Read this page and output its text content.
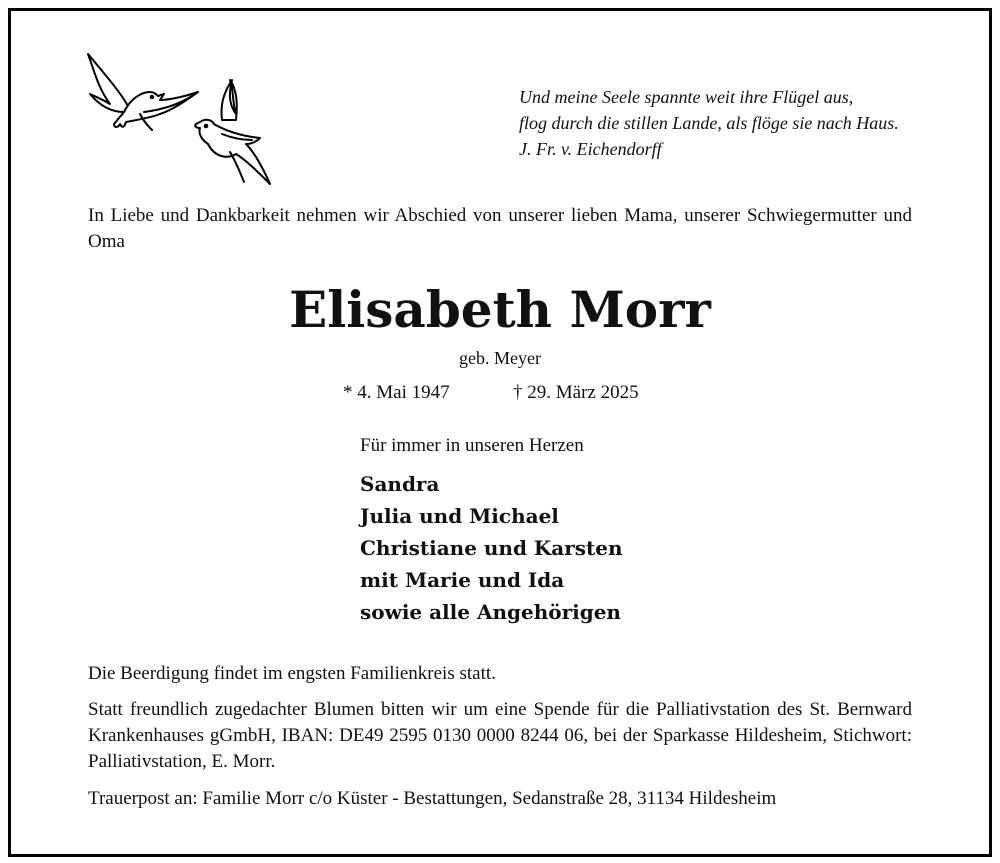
Und meine Seele spannte weit ihre Flügel aus,
flog durch die stillen Lande, als flöge sie nach Haus.
J. Fr. v. Eichendorff
In Liebe und Dankbarkeit nehmen wir Abschied von unserer lieben Mama, unserer Schwiegermutter und Oma
Elisabeth Morr
geb. Meyer
* 4. Mai 1947	† 29. März 2025
Für immer in unseren Herzen
Sandra
Julia und Michael
Christiane und Karsten
mit Marie und Ida
sowie alle Angehörigen
Die Beerdigung findet im engsten Familienkreis statt.
Statt freundlich zugedachter Blumen bitten wir um eine Spende für die Palliativstation des St. Bernward Krankenhauses gGmbH, IBAN: DE49 2595 0130 0000 8244 06, bei der Sparkasse Hildesheim, Stichwort: Palliativstation, E. Morr.
Trauerpost an: Familie Morr c/o Küster - Bestattungen, Sedanstraße 28, 31134 Hildesheim
